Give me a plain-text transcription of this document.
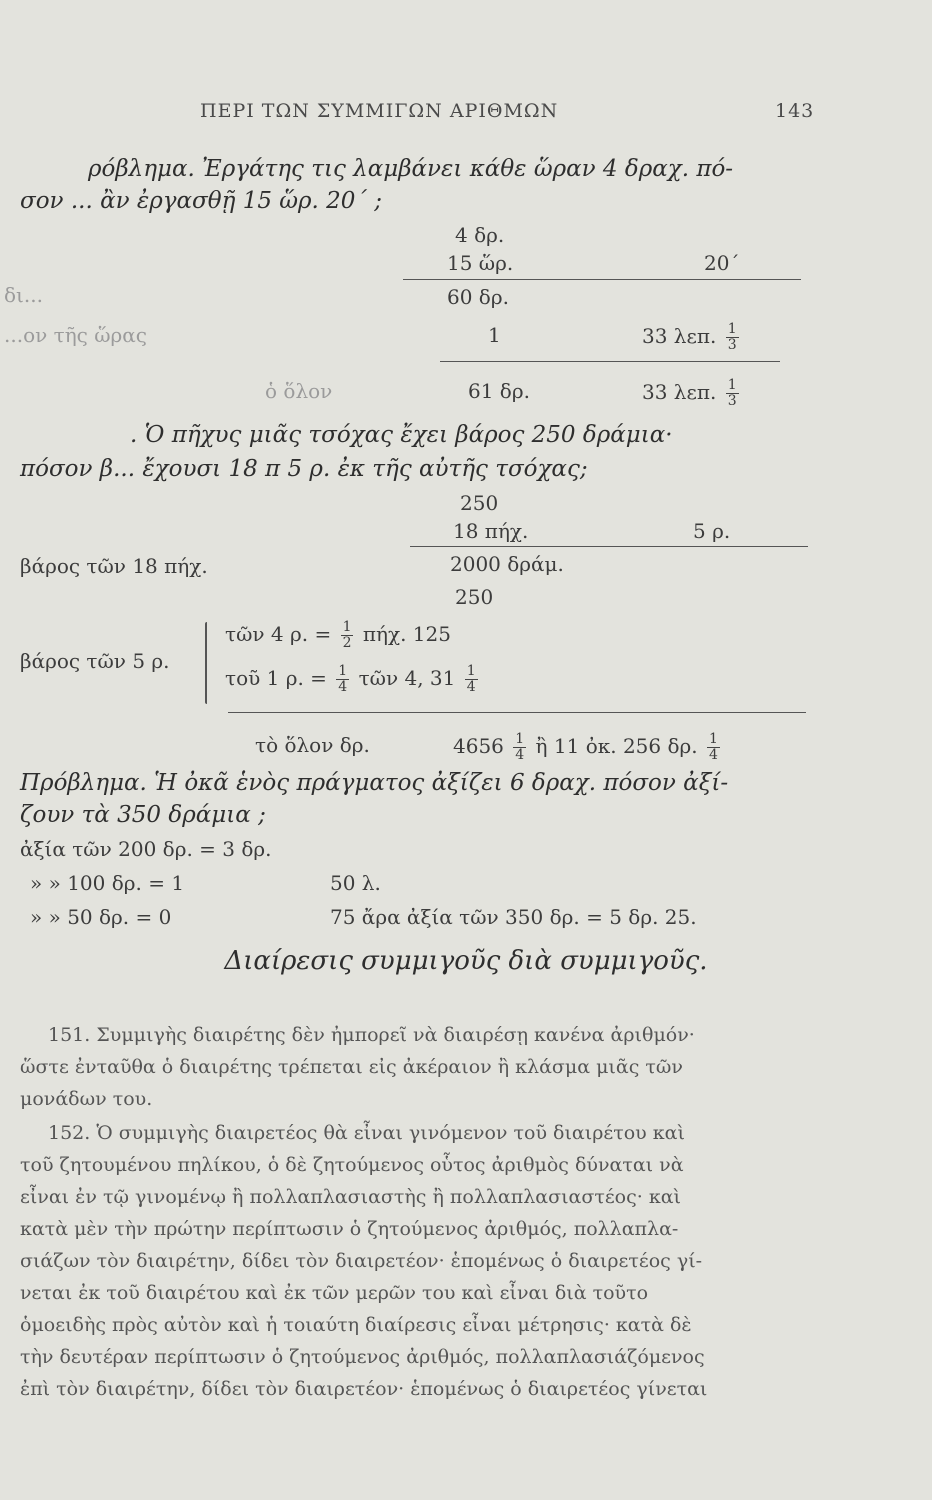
ΠΕΡΙ ΤΩΝ ΣΥΜΜΙΓΩΝ ΑΡΙΘΜΩΝ	143
ρόβλημα. Ἐργάτης τις λαμβάνει κάθε ὥραν 4 δραχ. πό-
σον ... ἂν ἐργασθῇ 15 ὥρ. 20΄ ;
4 δρ.
15 ὥρ.	20΄
δι...	60 δρ.
...ον τῆς ὥρας	1	33 λεπ. $\frac{1}{3}$
ὁ ὅλον	61 δρ.	33 λεπ. $\frac{1}{3}$
. Ὁ πῆχυς μιᾶς τσόχας ἔχει βάρος 250 δράμια·
πόσον β... ἔχουσι 18 π 5 ρ. ἐκ τῆς αὐτῆς τσόχας;
250
18 πήχ.	5 ρ.
βάρος τῶν 18 πήχ.	2000 δράμ.
250
βάρος τῶν 5 ρ.
τῶν 4 ρ. = $\frac{1}{2} \pi ή\chi$. 125
τοῦ 1 ρ. = $\frac{1}{4}$ τῶν 4, $31 \frac{1}{4}$
τὸ ὅλον δρ.	$4656 \frac{1}{4}$ ἢ 11 ὀκ. 256 δρ. $\frac{1}{4}$
Πρόβλημα. Ἡ ὀκᾶ ἑνὸς πράγματος ἀξίζει 6 δραχ. πόσον ἀξί-
ζουν τὰ 350 δράμια ;
ἀξία τῶν 200 δρ. = 3 δρ.
» » 100 δρ. = 1	50 λ.
» » 50 δρ. = 0	75 ἄρα ἀξία τῶν 350 δρ. = 5 δρ. 25.
Διαίρεσις συμμιγοῦς διὰ συμμιγοῦς.
151. Συμμιγὴς διαιρέτης δὲν ἠμπορεῖ νὰ διαιρέσῃ κανένα ἀριθμόν·
ὥστε ἐνταῦθα ὁ διαιρέτης τρέπεται εἰς ἀκέραιον ἢ κλάσμα μιᾶς τῶν
μονάδων του.
152. Ὁ συμμιγὴς διαιρετέος θὰ εἶναι γινόμενον τοῦ διαιρέτου καὶ
τοῦ ζητουμένου πηλίκου, ὁ δὲ ζητούμενος οὗτος ἀριθμὸς δύναται νὰ
εἶναι ἐν τῷ γινομένῳ ἢ πολλαπλασιαστὴς ἢ πολλαπλασιαστέος· καὶ
κατὰ μὲν τὴν πρώτην περίπτωσιν ὁ ζητούμενος ἀριθμός, πολλαπλα-
σιάζων τὸν διαιρέτην, δίδει τὸν διαιρετέον· ἑπομένως ὁ διαιρετέος γί-
νεται ἐκ τοῦ διαιρέτου καὶ ἐκ τῶν μερῶν του καὶ εἶναι διὰ τοῦτο
ὁμοειδὴς πρὸς αὐτὸν καὶ ἡ τοιαύτη διαίρεσις εἶναι μέτρησις· κατὰ δὲ
τὴν δευτέραν περίπτωσιν ὁ ζητούμενος ἀριθμός, πολλαπλασιάζόμενος
ἐπὶ τὸν διαιρέτην, δίδει τὸν διαιρετέον· ἑπομένως ὁ διαιρετέος γίνεται
